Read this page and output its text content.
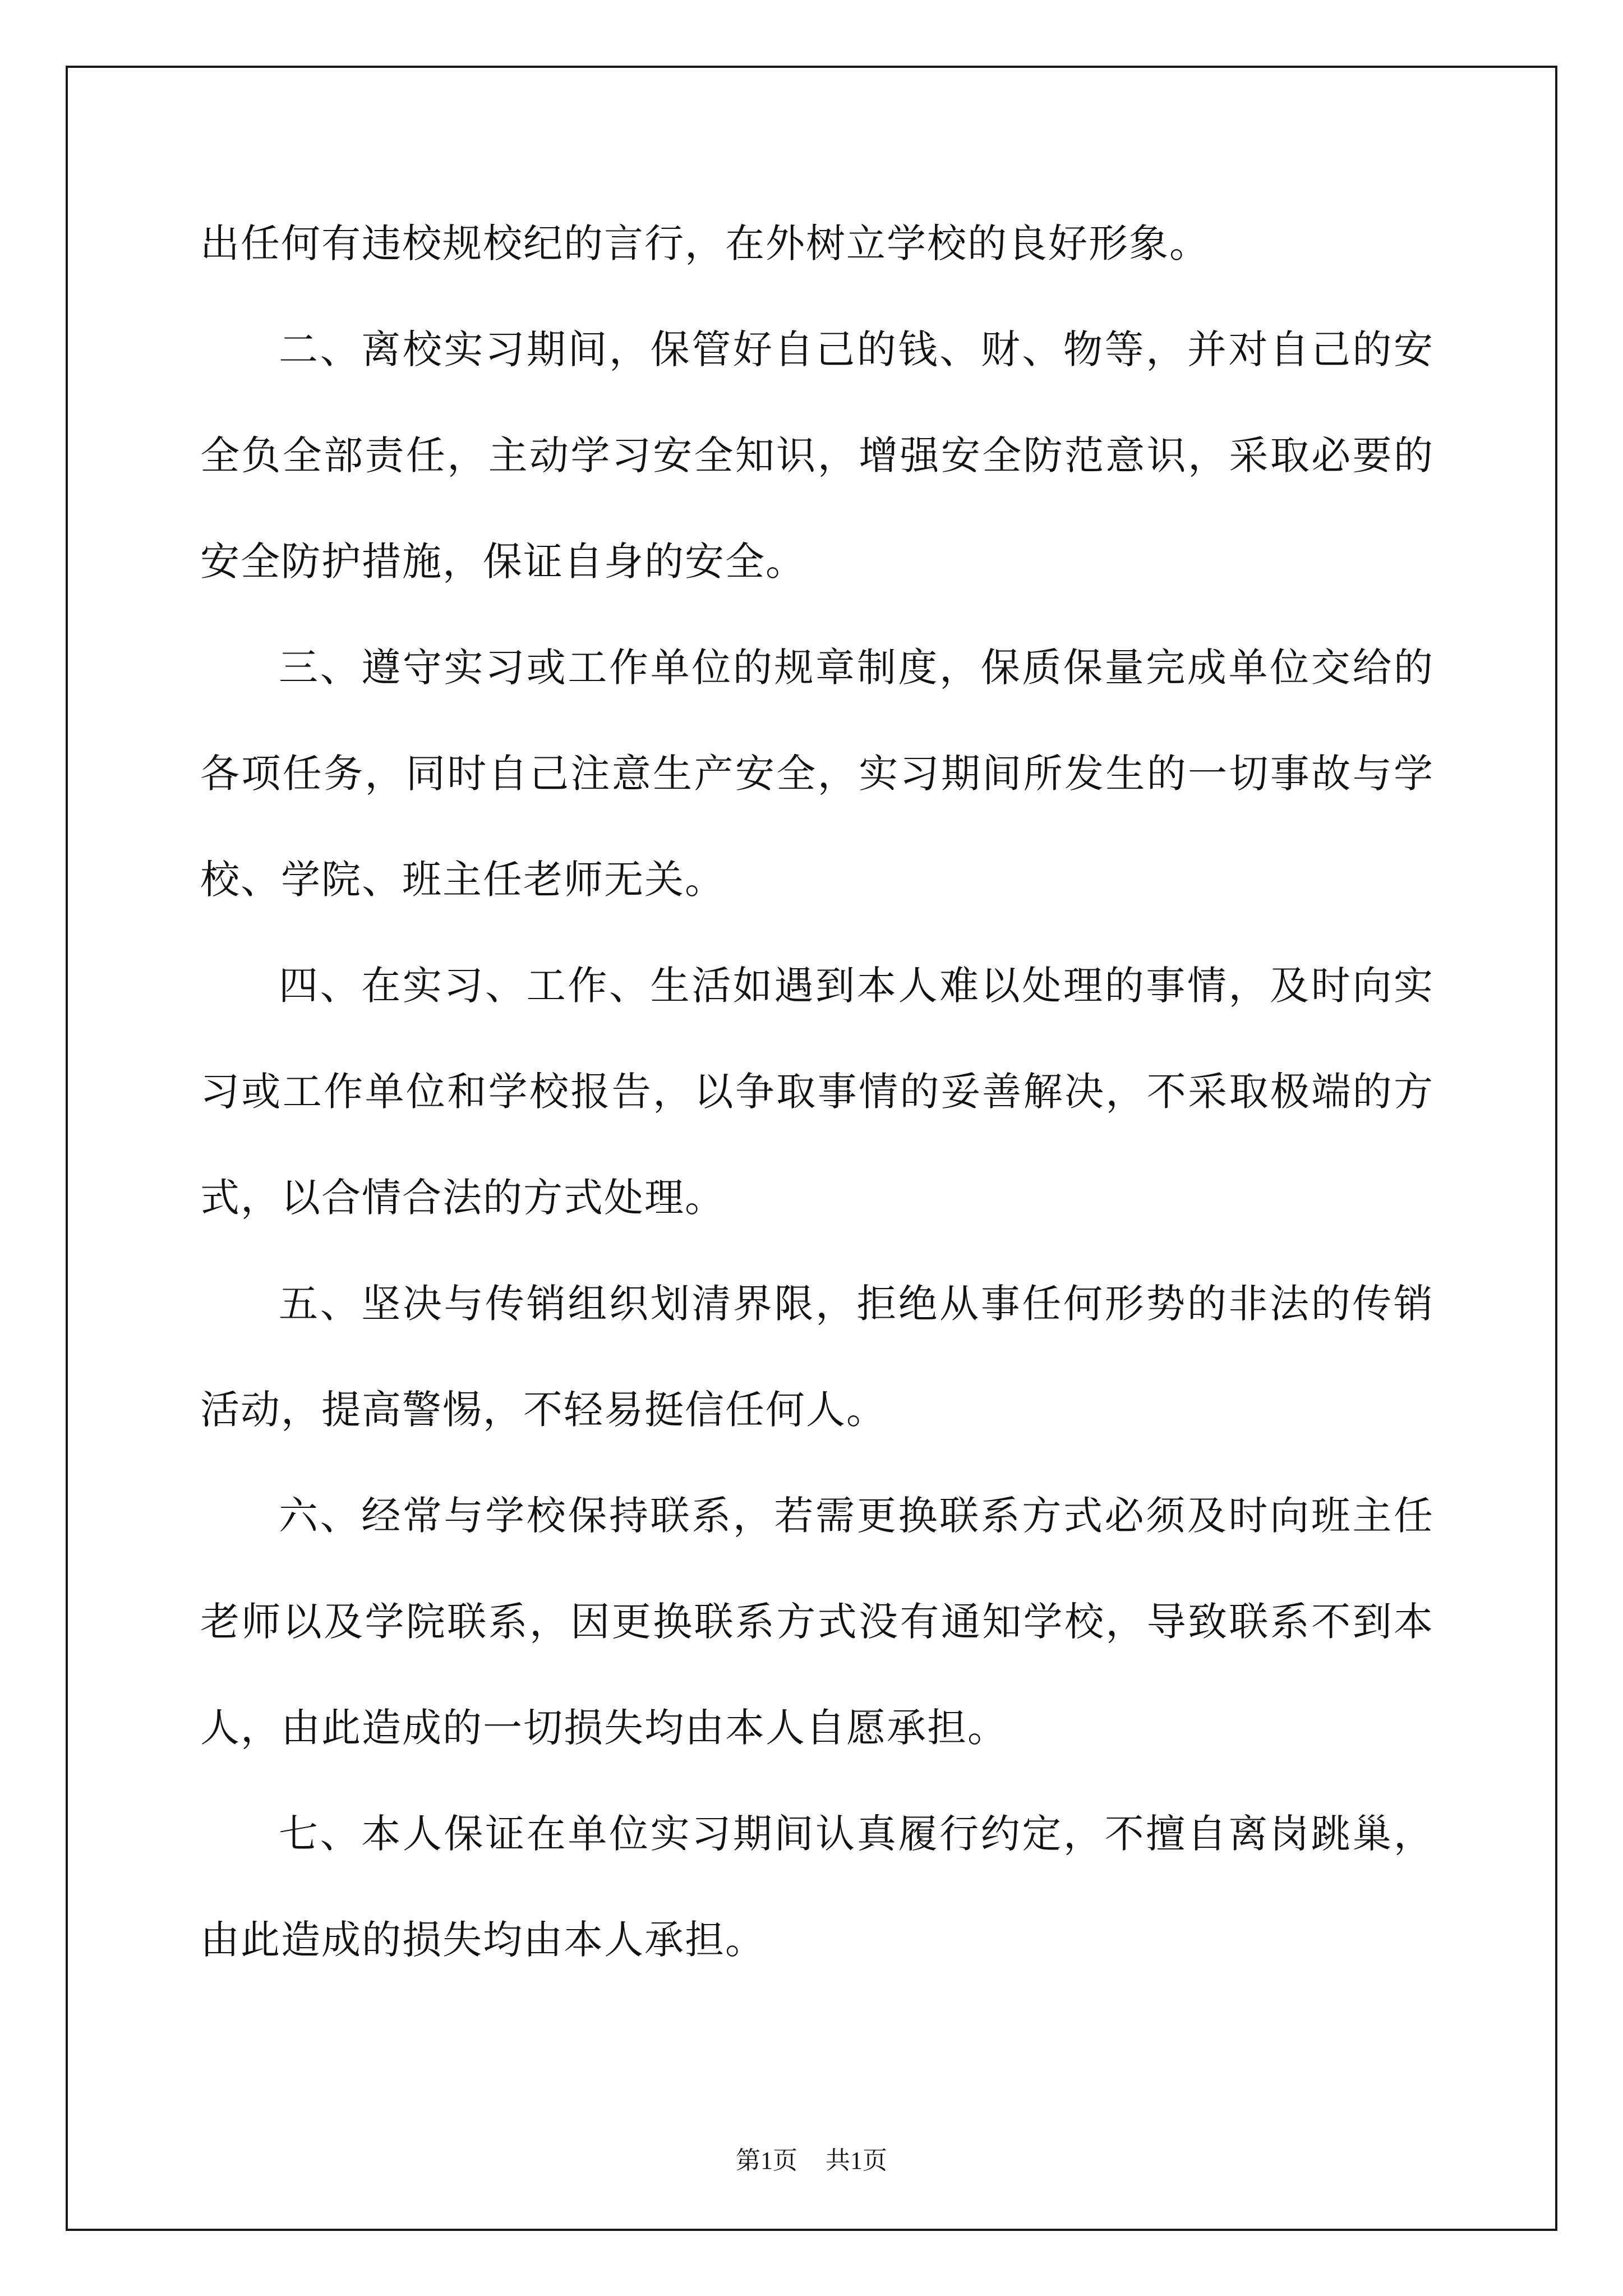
出任何有违校规校纪的言行，在外树立学校的良好形象。

二、离校实习期间，保管好自己的钱、财、物等，并对自己的安全负全部责任，主动学习安全知识，增强安全防范意识，采取必要的安全防护措施，保证自身的安全。

三、遵守实习或工作单位的规章制度，保质保量完成单位交给的各项任务，同时自己注意生产安全，实习期间所发生的一切事故与学校、学院、班主任老师无关。

四、在实习、工作、生活如遇到本人难以处理的事情，及时向实习或工作单位和学校报告，以争取事情的妥善解决，不采取极端的方式，以合情合法的方式处理。

五、坚决与传销组织划清界限，拒绝从事任何形势的非法的传销活动，提高警惕，不轻易挺信任何人。

六、经常与学校保持联系，若需更换联系方式必须及时向班主任老师以及学院联系，因更换联系方式没有通知学校，导致联系不到本人，由此造成的一切损失均由本人自愿承担。

七、本人保证在单位实习期间认真履行约定，不擅自离岗跳巢，由此造成的损失均由本人承担。

第1页 共1页
